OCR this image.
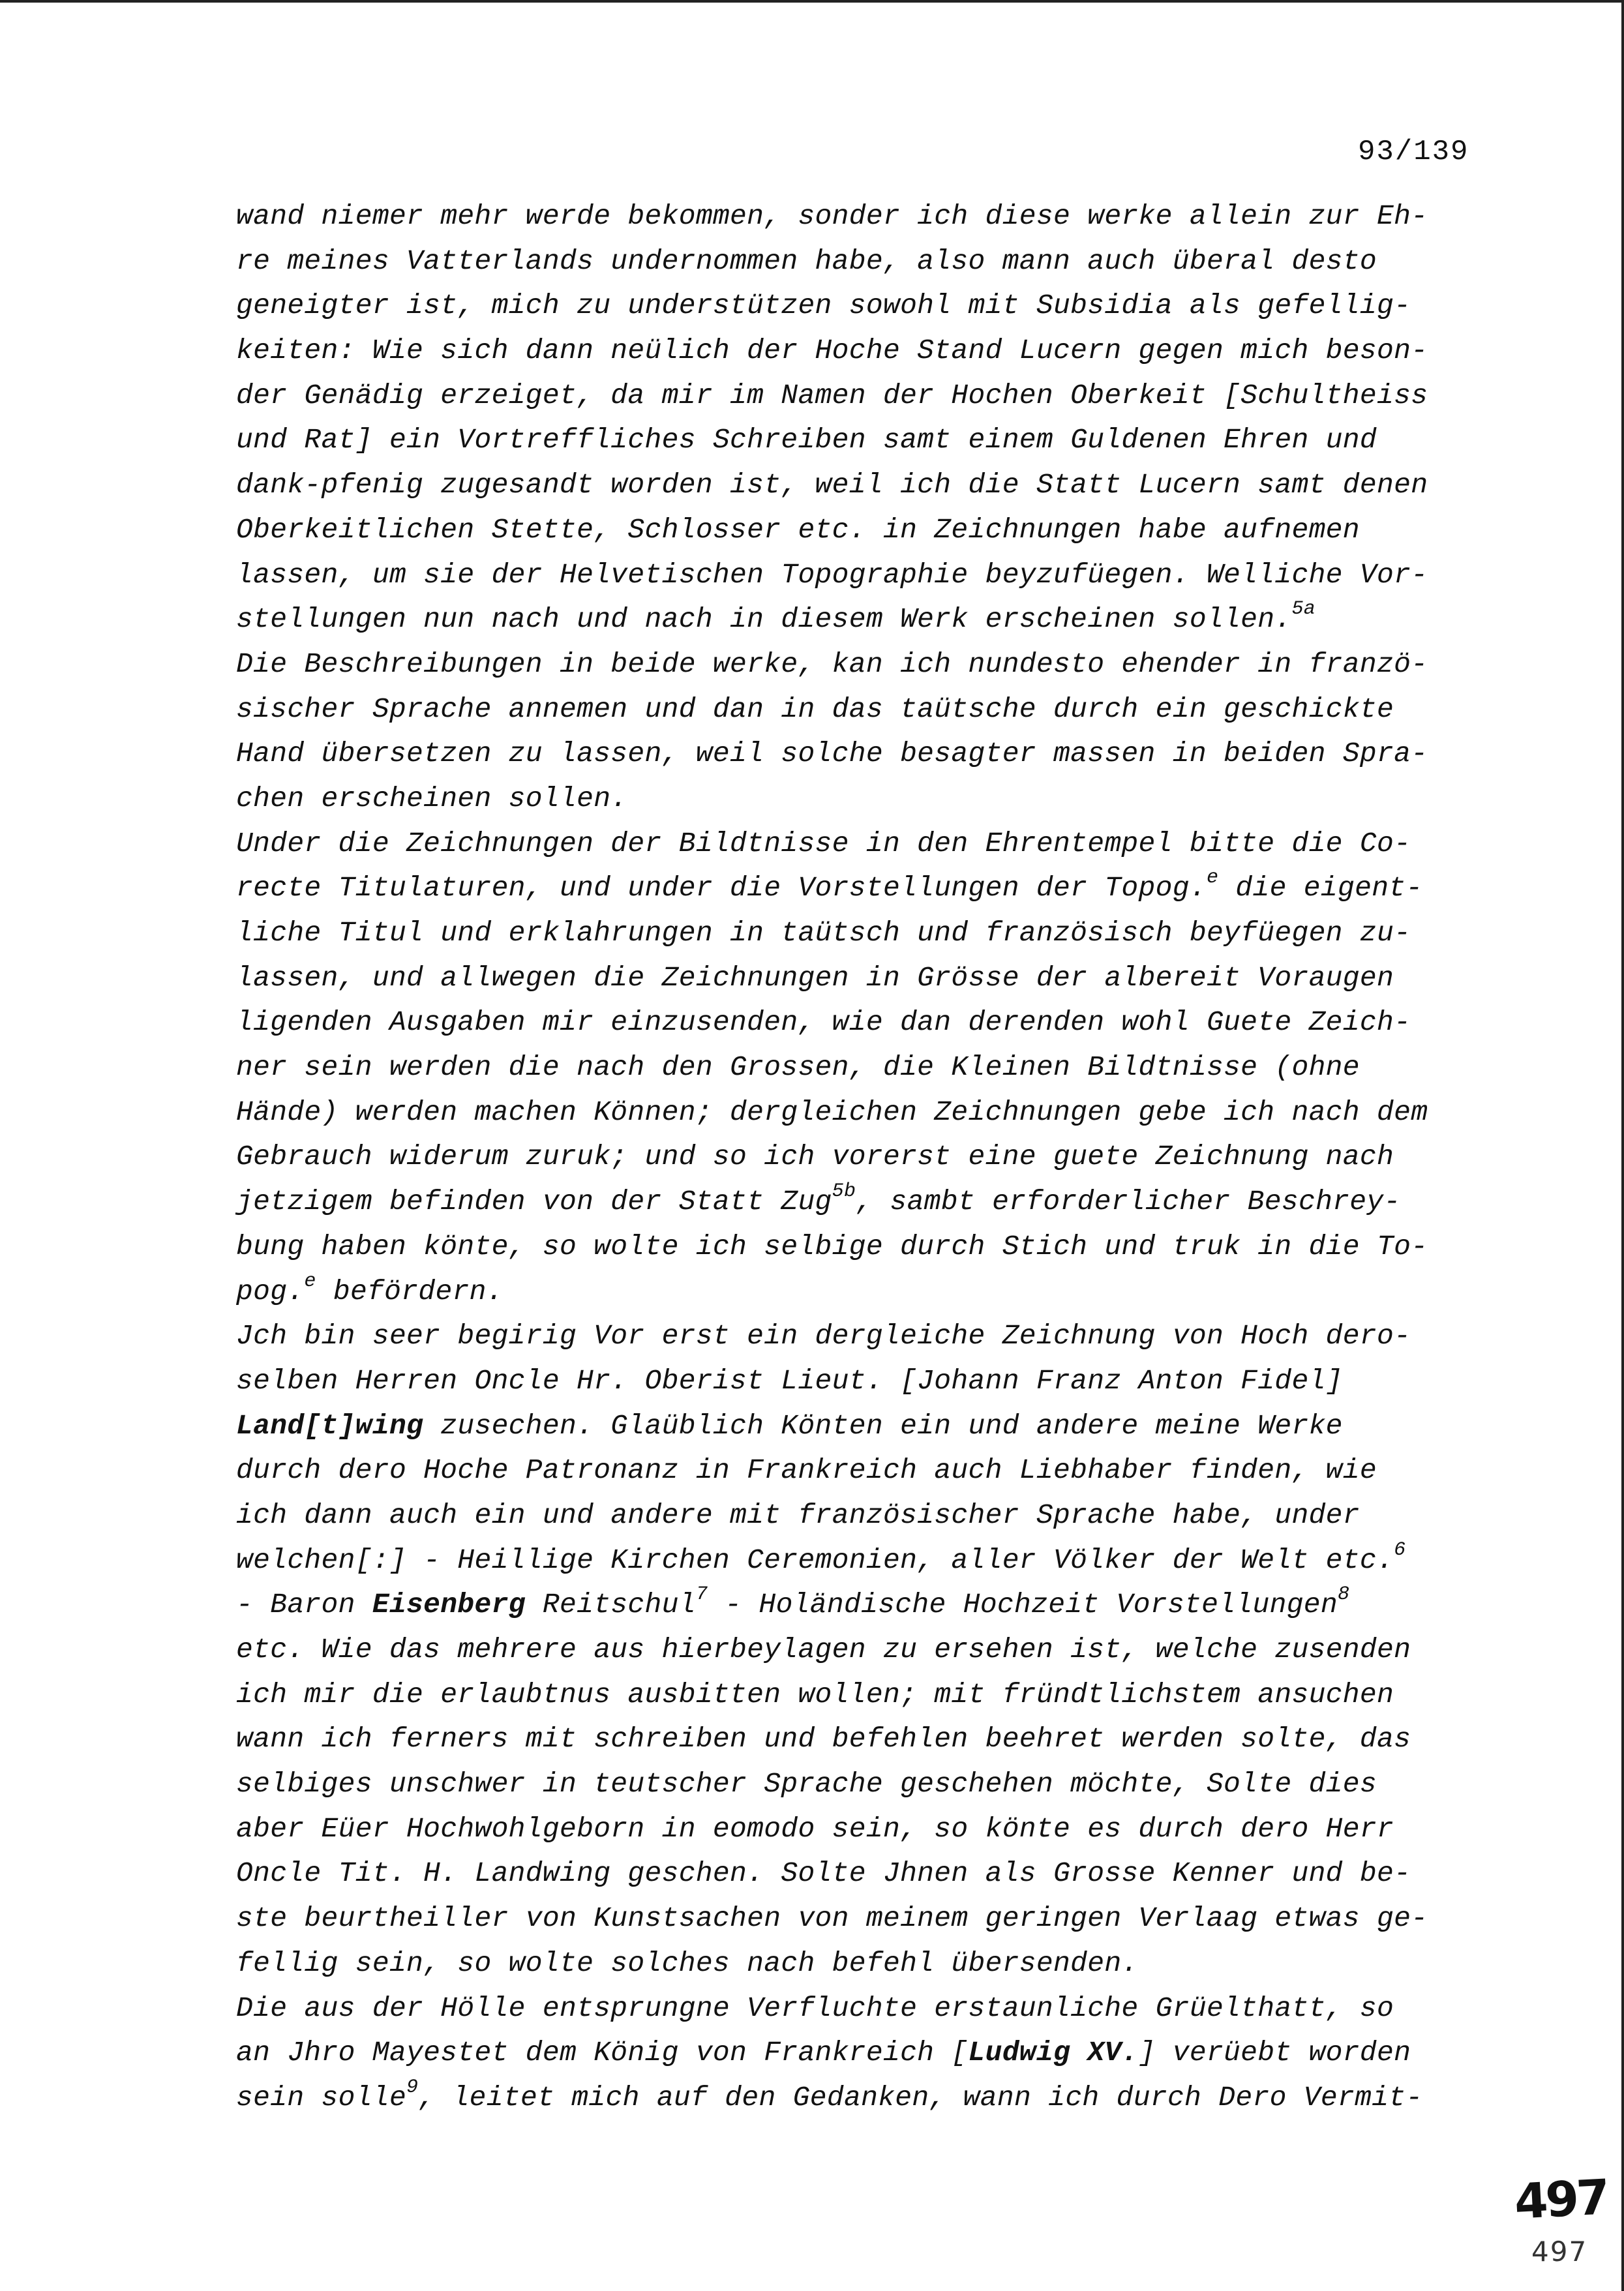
93/139
wand niemer mehr werde bekommen, sonder ich diese werke allein zur Eh-
re meines Vatterlands undernommen habe, also mann auch überal desto
geneigter ist, mich zu understützen sowohl mit Subsidia als gefellig-
keiten: Wie sich dann neülich der Hoche Stand Lucern gegen mich beson-
der Genädig erzeiget, da mir im Namen der Hochen Oberkeit [Schultheiss
und Rat] ein Vortreffliches Schreiben samt einem Guldenen Ehren und
dank-pfenig zugesandt worden ist, weil ich die Statt Lucern samt denen
Oberkeitlichen Stette, Schlosser etc. in Zeichnungen habe aufnemen
lassen, um sie der Helvetischen Topographie beyzufüegen. Welliche Vor-
stellungen nun nach und nach in diesem Werk erscheinen sollen.$^{5a}$
Die Beschreibungen in beide werke, kan ich nundesto ehender in franzö-
sischer Sprache annemen und dan in das taütsche durch ein geschickte
Hand übersetzen zu lassen, weil solche besagter massen in beiden Spra-
chen erscheinen sollen.
Under die Zeichnungen der Bildtnisse in den Ehrentempel bitte die Co-
recte Titulaturen, und under die Vorstellungen der Topog.$^e$ die eigent-
liche Titul und erklahrungen in taütsch und französisch beyfüegen zu-
lassen, und allwegen die Zeichnungen in Grösse der albereit Voraugen
ligenden Ausgaben mir einzusenden, wie dan derenden wohl Guete Zeich-
ner sein werden die nach den Grossen, die Kleinen Bildtnisse (ohne
Hände) werden machen Können; dergleichen Zeichnungen gebe ich nach dem
Gebrauch widerum zuruk; und so ich vorerst eine guete Zeichnung nach
jetzigem befinden von der Statt Zug$^{5b}$, sambt erforderlicher Beschrey-
bung haben könte, so wolte ich selbige durch Stich und truk in die To-
pog.$^e$ befördern.
Jch bin seer begirig Vor erst ein dergleiche Zeichnung von Hoch dero-
selben Herren Oncle Hr. Oberist Lieut. [Johann Franz Anton Fidel]
Land[t]wing zusechen. Glaüblich Könten ein und andere meine Werke
durch dero Hoche Patronanz in Frankreich auch Liebhaber finden, wie
ich dann auch ein und andere mit französischer Sprache habe, under
welchen[:] - Heillige Kirchen Ceremonien, aller Völker der Welt etc.$^6$
- Baron Eisenberg Reitschul$^7$ - Holändische Hochzeit Vorstellungen$^8$
etc. Wie das mehrere aus hierbeylagen zu ersehen ist, welche zusenden
ich mir die erlaubtnus ausbitten wollen; mit fründtlichstem ansuchen
wann ich ferners mit schreiben und befehlen beehret werden solte, das
selbiges unschwer in teutscher Sprache geschehen möchte, Solte dies
aber Eüer Hochwohlgeborn in eomodo sein, so könte es durch dero Herr
Oncle Tit. H. Landwing geschen. Solte Jhnen als Grosse Kenner und be-
ste beurtheiller von Kunstsachen von meinem geringen Verlaag etwas ge-
fellig sein, so wolte solches nach befehl übersenden.
Die aus der Hölle entsprungne Verfluchte erstaunliche Grüelthatt, so
an Jhro Mayestet dem König von Frankreich [Ludwig XV.] verüebt worden
sein solle$^9$, leitet mich auf den Gedanken, wann ich durch Dero Vermit-
497
497
